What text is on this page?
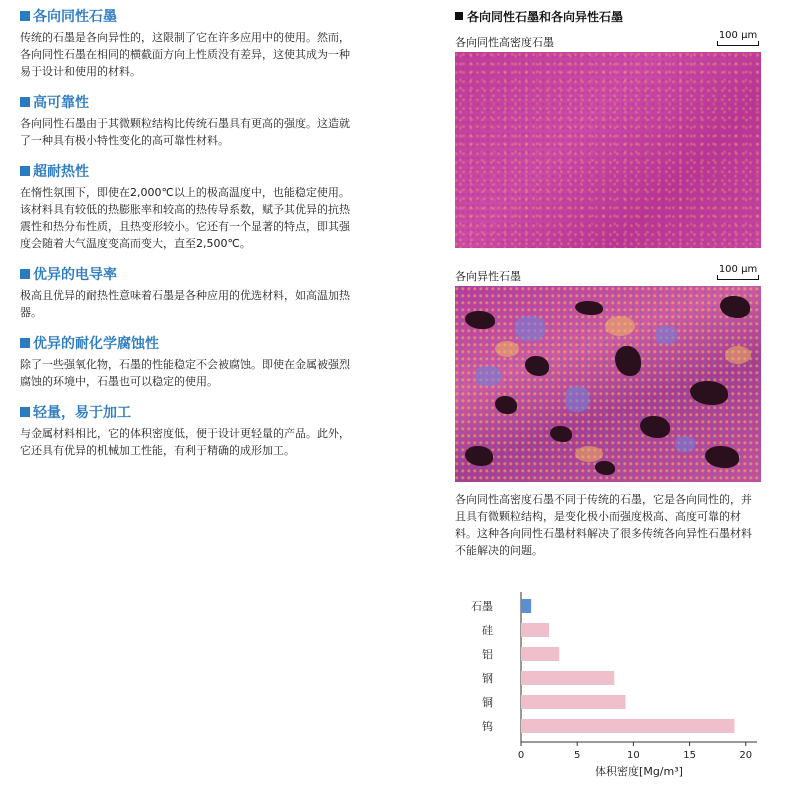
各向同性石墨

传统的石墨是各向异性的，这限制了它在许多应用中的使用。然而，各向同性石墨在相同的横截面方向上性质没有差异，这使其成为一种易于设计和使用的材料。

高可靠性

各向同性石墨由于其微颗粒结构比传统石墨具有更高的强度。这造就了一种具有极小特性变化的高可靠性材料。

超耐热性

在惰性氛围下，即使在2,000℃以上的极高温度中，也能稳定使用。该材料具有较低的热膨胀率和较高的热传导系数，赋予其优异的抗热震性和热分布性质，且热变形较小。它还有一个显著的特点，即其强度会随着大气温度变高而变大，直至2,500℃。

优异的电导率

极高且优异的耐热性意味着石墨是各种应用的优选材料，如高温加热器。

优异的耐化学腐蚀性

除了一些强氧化物，石墨的性能稳定不会被腐蚀。即使在金属被强烈腐蚀的环境中，石墨也可以稳定的使用。

轻量，易于加工

与金属材料相比，它的体积密度低，便于设计更轻量的产品。此外，它还具有优异的机械加工性能，有利于精确的成形加工。

各向同性石墨和各向异性石墨
各向同性高密度石墨
100 μm
各向异性石墨
100 μm

各向同性高密度石墨不同于传统的石墨，它是各向同性的，并且具有微颗粒结构，是变化极小而强度极高、高度可靠的材料。这种各向同性石墨材料解决了很多传统各向异性石墨材料不能解决的问题。

石墨
硅
铝
钢
铜
钨
0	5	10	15	20
体积密度[Mg/m³]
